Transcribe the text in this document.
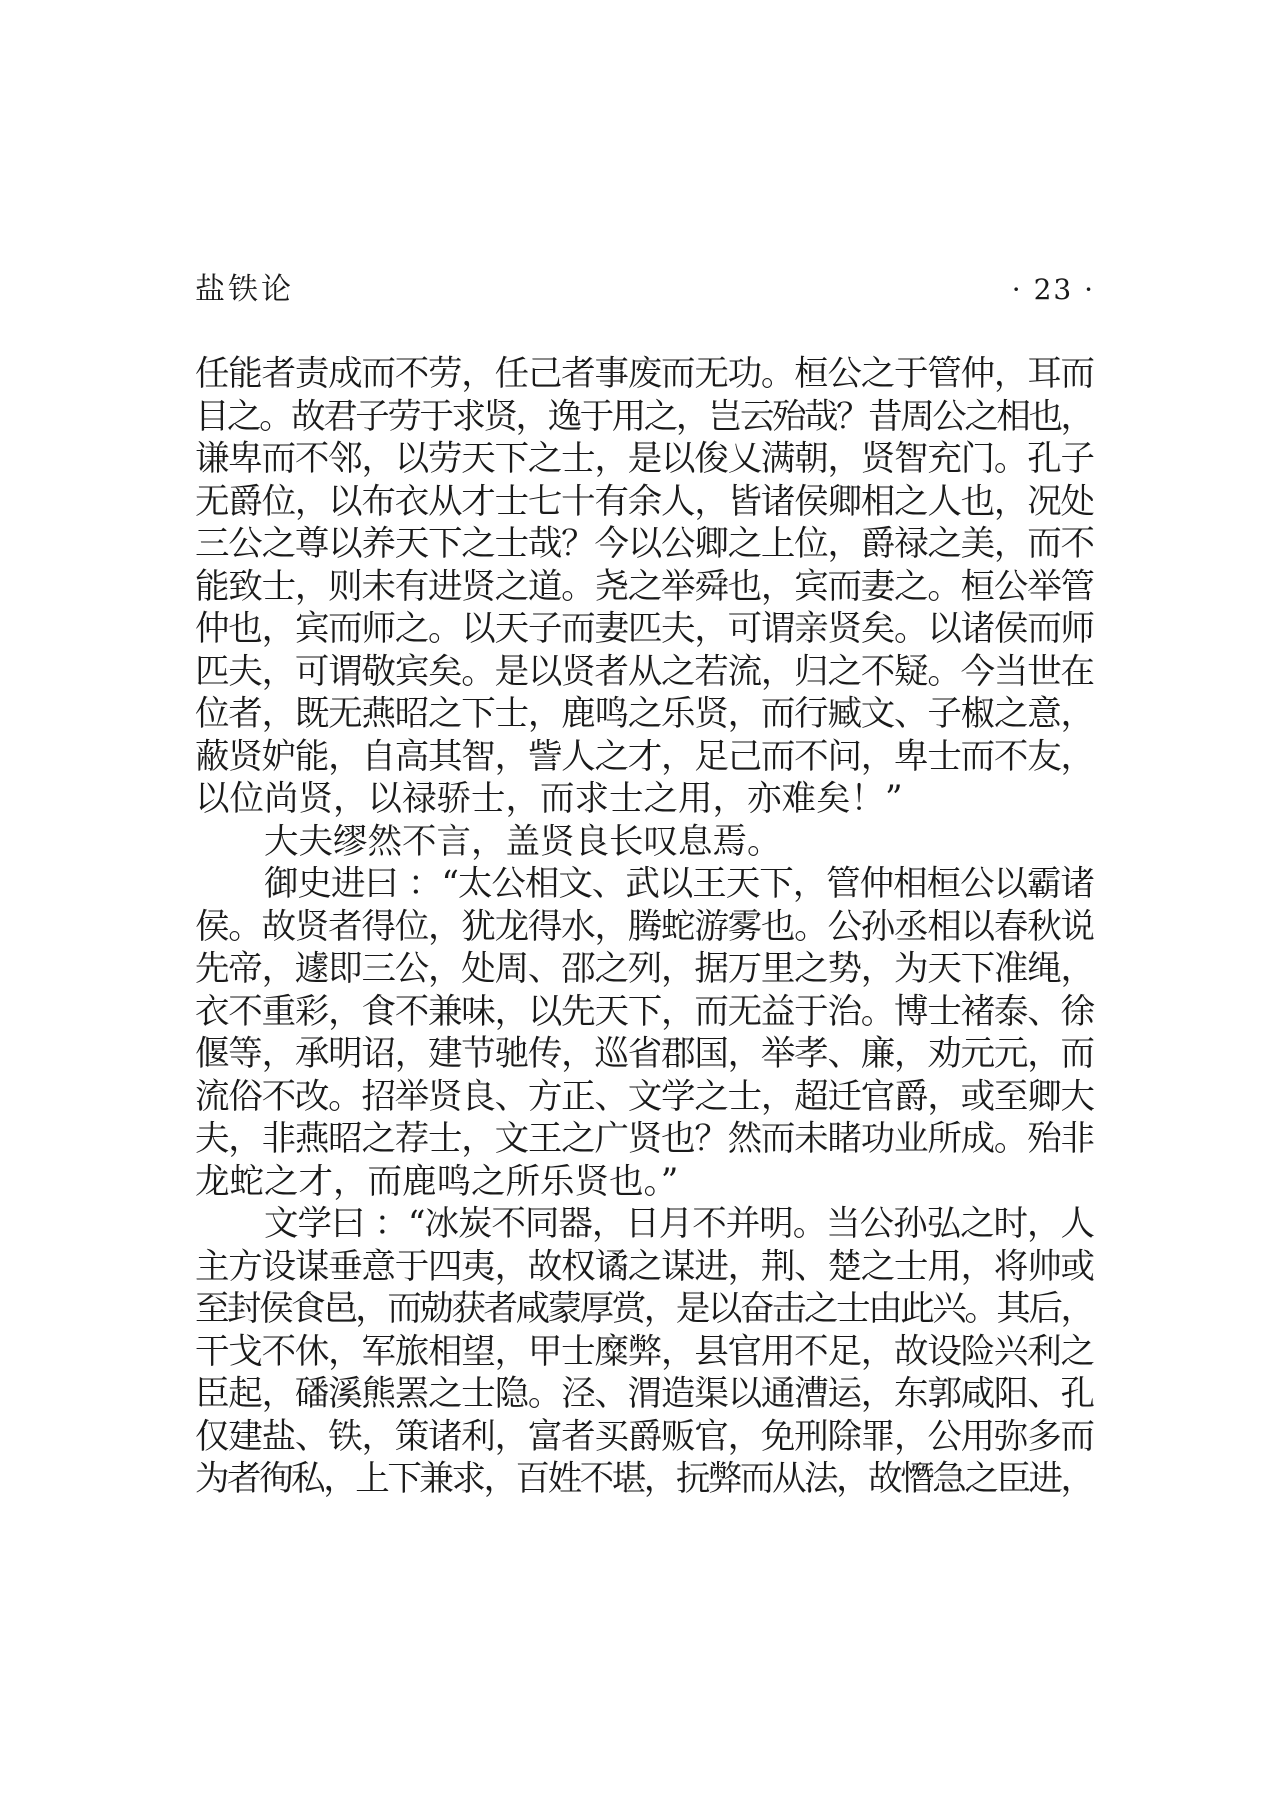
盐铁论	· 23 ·
任能者责成而不劳，任己者事废而无功。桓公之于管仲，耳而
目之。故君子劳于求贤，逸于用之，岂云殆哉？昔周公之相也，
谦卑而不邻，以劳天下之士，是以俊乂满朝，贤智充门。孔子
无爵位，以布衣从才士七十有余人，皆诸侯卿相之人也，况处
三公之尊以养天下之士哉？今以公卿之上位，爵禄之美，而不
能致士，则未有进贤之道。尧之举舜也，宾而妻之。桓公举管
仲也，宾而师之。以天子而妻匹夫，可谓亲贤矣。以诸侯而师
匹夫，可谓敬宾矣。是以贤者从之若流，归之不疑。今当世在
位者，既无燕昭之下士，鹿鸣之乐贤，而行臧文、子椒之意，
蔽贤妒能，自高其智，訾人之才，足己而不问，卑士而不友，
以位尚贤，以禄骄士，而求士之用，亦难矣！”
大夫缪然不言，盖贤良长叹息焉。
御史进曰 ：“太公相文、武以王天下，管仲相桓公以霸诸
侯。故贤者得位，犹龙得水，腾蛇游雾也。公孙丞相以春秋说
先帝，遽即三公，处周、邵之列，据万里之势，为天下准绳，
衣不重彩，食不兼味，以先天下，而无益于治。博士褚泰、徐
偃等，承明诏，建节驰传，巡省郡国，举孝、廉，劝元元，而
流俗不改。招举贤良、方正、文学之士，超迁官爵，或至卿大
夫，非燕昭之荐士，文王之广贤也？然而未睹功业所成。殆非
龙蛇之才，而鹿鸣之所乐贤也。”
文学曰 ：“冰炭不同器，日月不并明。当公孙弘之时，人
主方设谋垂意于四夷，故权谲之谋进，荆、楚之士用，将帅或
至封侯食邑，而勀获者咸蒙厚赏，是以奋击之士由此兴。其后，
干戈不休，军旅相望，甲士糜弊，县官用不足，故设险兴利之
臣起，磻溪熊罴之士隐。泾、渭造渠以通漕运，东郭咸阳、孔
仅建盐、铁，策诸利，富者买爵贩官，免刑除罪，公用弥多而
为者徇私，上下兼求，百姓不堪，抏弊而从法，故憯急之臣进，
